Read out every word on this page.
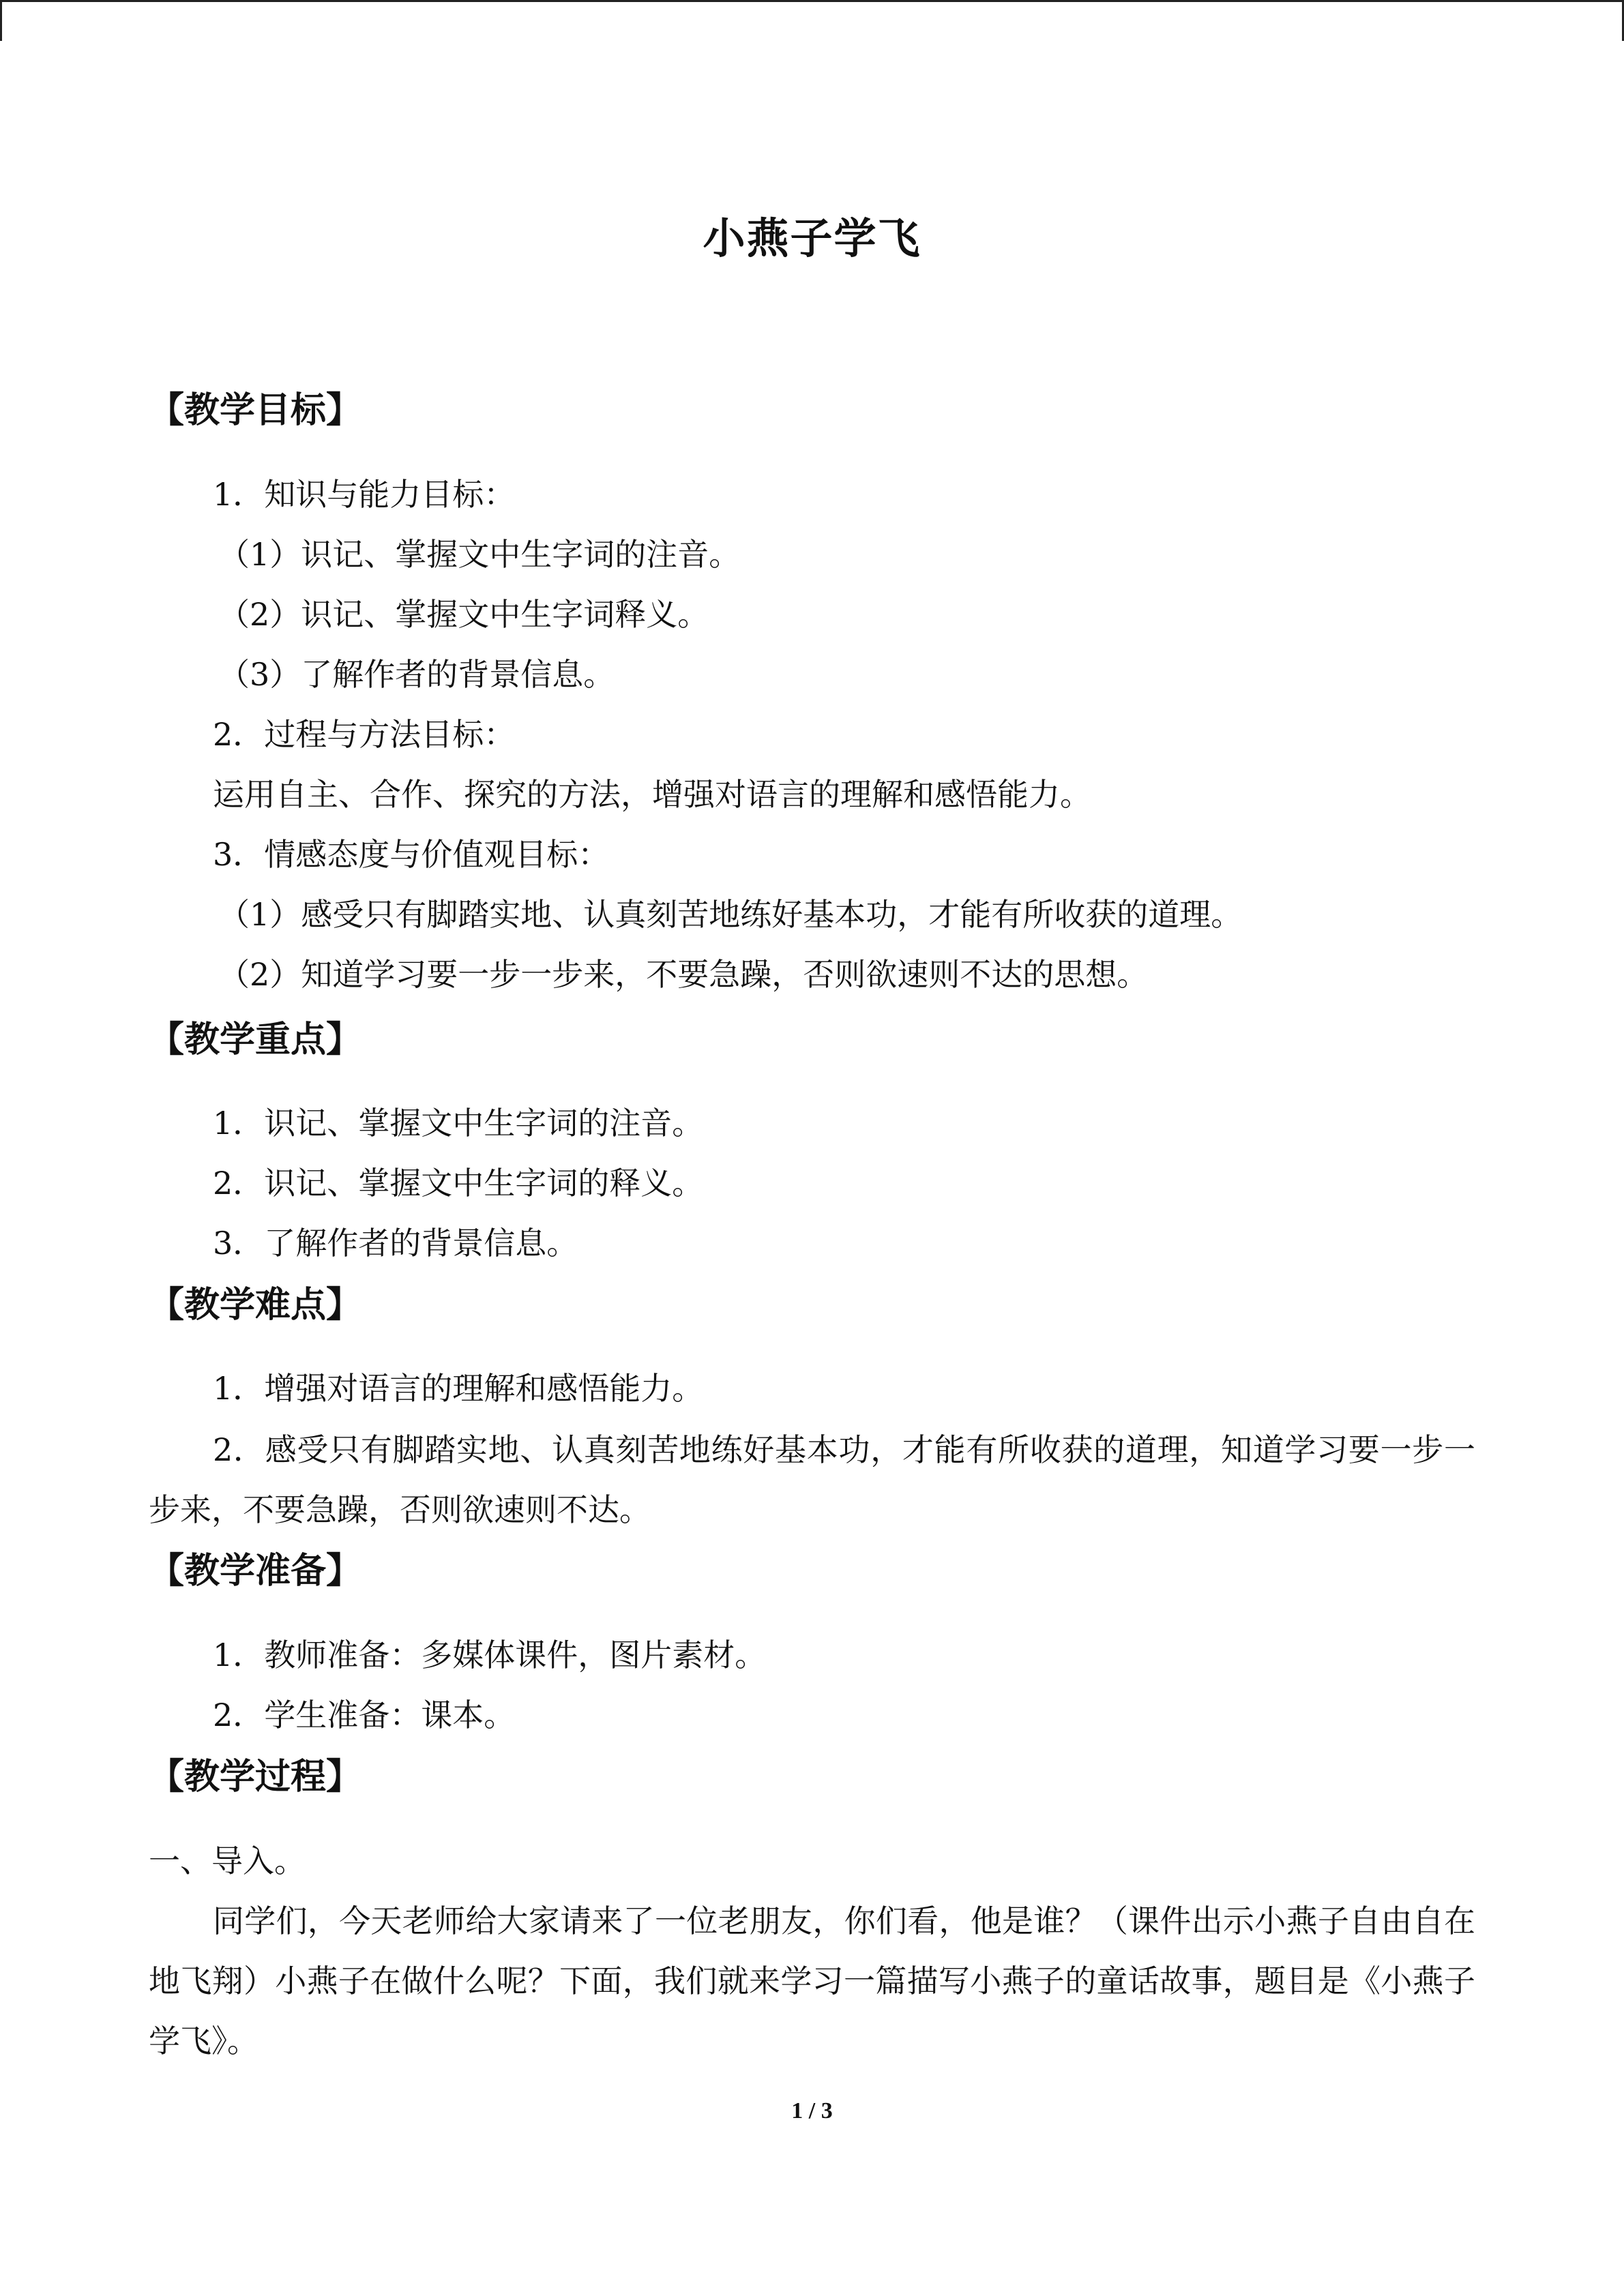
小燕子学飞
【教学目标】
1．知识与能力目标：
（1）识记、掌握文中生字词的注音。
（2）识记、掌握文中生字词释义。
（3）了解作者的背景信息。
2．过程与方法目标：
运用自主、合作、探究的方法，增强对语言的理解和感悟能力。
3．情感态度与价值观目标：
（1）感受只有脚踏实地、认真刻苦地练好基本功，才能有所收获的道理。
（2）知道学习要一步一步来，不要急躁，否则欲速则不达的思想。
【教学重点】
1．识记、掌握文中生字词的注音。
2．识记、掌握文中生字词的释义。
3．了解作者的背景信息。
【教学难点】
1．增强对语言的理解和感悟能力。
2．感受只有脚踏实地、认真刻苦地练好基本功，才能有所收获的道理，知道学习要一步一步来，不要急躁，否则欲速则不达。
【教学准备】
1．教师准备：多媒体课件，图片素材。
2．学生准备：课本。
【教学过程】
一、导入。
同学们，今天老师给大家请来了一位老朋友，你们看，他是谁？（课件出示小燕子自由自在地飞翔）小燕子在做什么呢？下面，我们就来学习一篇描写小燕子的童话故事，题目是《小燕子学飞》。
1 / 3
